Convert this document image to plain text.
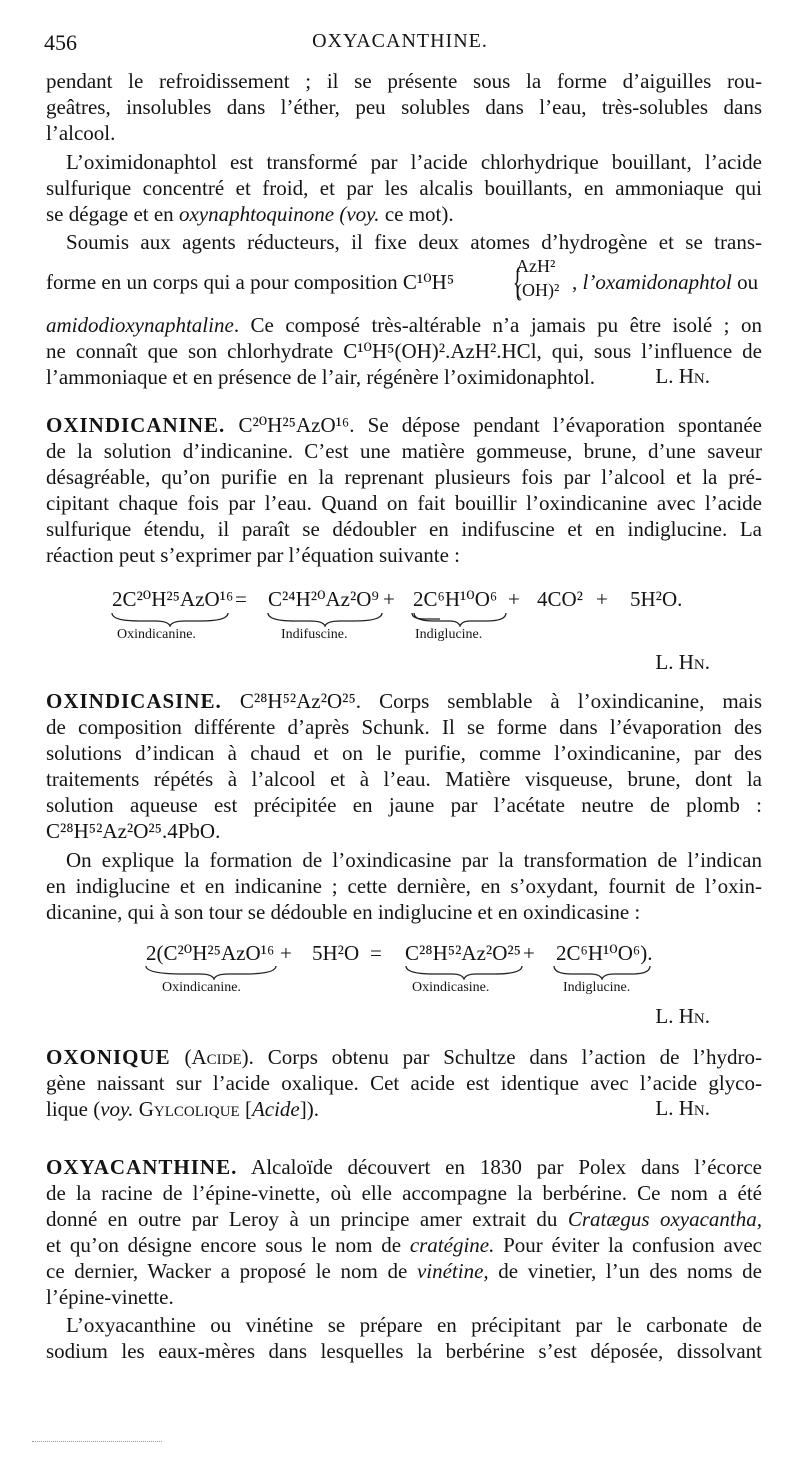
456	OXYACANTHINE.
pendant le refroidissement ; il se présente sous la forme d’aiguilles rou-
geâtres, insolubles dans l’éther, peu solubles dans l’eau, très-solubles dans
l’alcool.
L’oximidonaphtol est transformé par l’acide chlorhydrique bouillant, l’acide
sulfurique concentré et froid, et par les alcalis bouillants, en ammoniaque qui
se dégage et en oxynaphtoquinone (voy. ce mot).
Soumis aux agents réducteurs, il fixe deux atomes d’hydrogène et se trans-
forme en un corps qui a pour composition C¹⁰H⁵ {
AzH²
(OH)² , l’oxamidonaphtol ou
amidodioxynaphtaline. Ce composé très-altérable n’a jamais pu être isolé ; on
ne connaît que son chlorhydrate C¹⁰H⁵(OH)².AzH².HCl, qui, sous l’influence de
l’ammoniaque et en présence de l’air, régénère l’oximidonaphtol.	L. Hn.
OXINDICANINE. C²⁰H²⁵AzO¹⁶. Se dépose pendant l’évaporation spontanée
de la solution d’indicanine. C’est une matière gommeuse, brune, d’une saveur
désagréable, qu’on purifie en la reprenant plusieurs fois par l’alcool et la pré-
cipitant chaque fois par l’eau. Quand on fait bouillir l’oxindicanine avec l’acide
sulfurique étendu, il paraît se dédoubler en indifuscine et en indiglucine. La
réaction peut s’exprimer par l’équation suivante :
2C²⁰H²⁵AzO¹⁶ = C²⁴H²⁰Az²O⁹ + 2C⁶H¹⁰O⁶ + 4CO² + 5H²O.
Oxindicanine.	Indifuscine.	Indiglucine.
L. Hn.
OXINDICASINE. C²⁸H⁵²Az²O²⁵. Corps semblable à l’oxindicanine, mais
de composition différente d’après Schunk. Il se forme dans l’évaporation des
solutions d’indican à chaud et on le purifie, comme l’oxindicanine, par des
traitements répétés à l’alcool et à l’eau. Matière visqueuse, brune, dont la
solution aqueuse est précipitée en jaune par l’acétate neutre de plomb :
C²⁸H⁵²Az²O²⁵.4PbO.
On explique la formation de l’oxindicasine par la transformation de l’indican
en indiglucine et en indicanine ; cette dernière, en s’oxydant, fournit de l’oxin-
dicanine, qui à son tour se dédouble en indiglucine et en oxindicasine :
2(C²⁰H²⁵AzO¹⁶ + 5H²O = C²⁸H⁵²Az²O²⁵ + 2C⁶H¹⁰O⁶).
Oxindicanine.	Oxindicasine.	Indiglucine.
L. Hn.
OXONIQUE (Acide). Corps obtenu par Schultze dans l’action de l’hydro-
gène naissant sur l’acide oxalique. Cet acide est identique avec l’acide glyco-
lique (voy. Gylcolique [Acide]).	L. Hn.
OXYACANTHINE. Alcaloïde découvert en 1830 par Polex dans l’écorce
de la racine de l’épine-vinette, où elle accompagne la berbérine. Ce nom a été
donné en outre par Leroy à un principe amer extrait du Cratægus oxyacantha,
et qu’on désigne encore sous le nom de cratégine. Pour éviter la confusion avec
ce dernier, Wacker a proposé le nom de vinétine, de vinetier, l’un des noms de
l’épine-vinette.
L’oxyacanthine ou vinétine se prépare en précipitant par le carbonate de
sodium les eaux-mères dans lesquelles la berbérine s’est déposée, dissolvant
